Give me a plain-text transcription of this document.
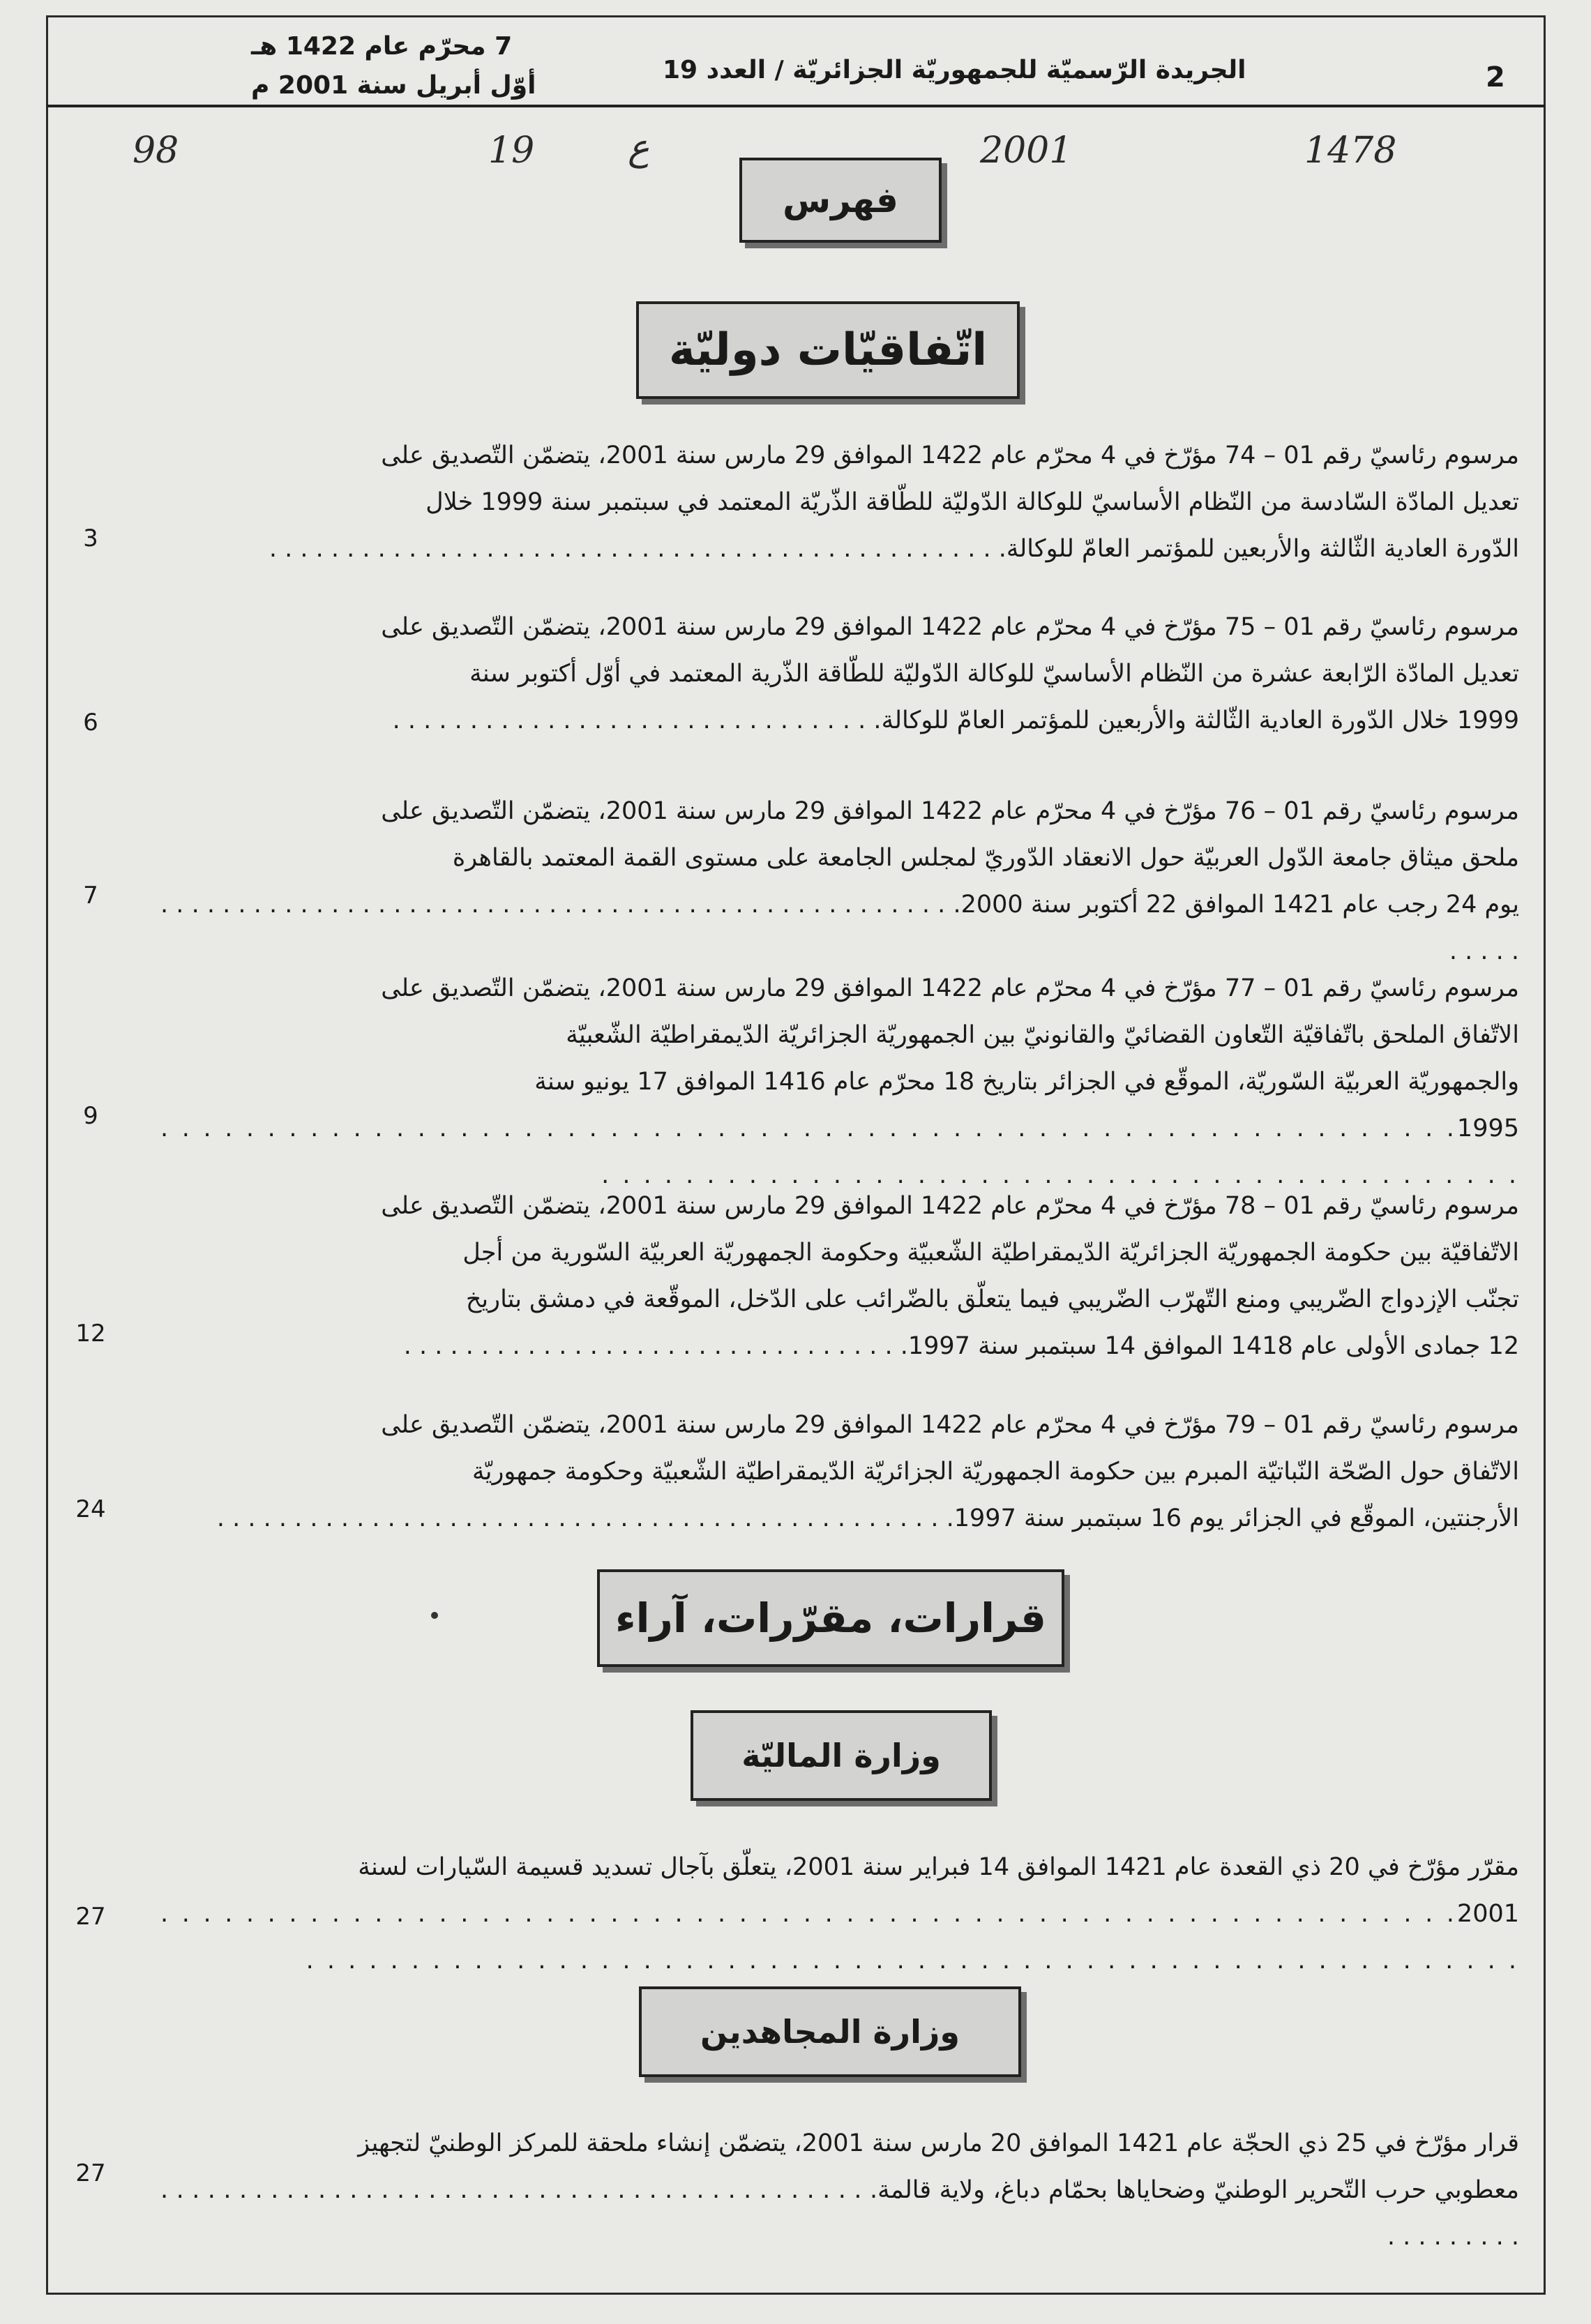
2
الجريدة الرّسميّة للجمهوريّة الجزائريّة / العدد 19
7 محرّم عام 1422 هـ
أوّل أبريل سنة 2001 م
1478
2001
ع
19
98
فهرس
اتّفاقيّات دوليّة
مرسوم رئاسيّ رقم 01 – 74 مؤرّخ في 4 محرّم عام 1422 الموافق 29 مارس سنة 2001، يتضمّن التّصديق على
تعديل المادّة السّادسة من النّظام الأساسيّ للوكالة الدّوليّة للطّاقة الذّريّة المعتمد في سبتمبر سنة 1999 خلال
الدّورة العادية الثّالثة والأربعين للمؤتمر العامّ للوكالة. . . . . . . . . . . . . . . . . . . . . . . . . . . . . . . . . . . . . . . . . . . . . . . .
3
مرسوم رئاسيّ رقم 01 – 75 مؤرّخ في 4 محرّم عام 1422 الموافق 29 مارس سنة 2001، يتضمّن التّصديق على
تعديل المادّة الرّابعة عشرة من النّظام الأساسيّ للوكالة الدّوليّة للطّاقة الذّرية المعتمد في أوّل أكتوبر سنة
1999 خلال الدّورة العادية الثّالثة والأربعين للمؤتمر العامّ للوكالة. . . . . . . . . . . . . . . . . . . . . . . . . . . . . . . .
6
مرسوم رئاسيّ رقم 01 – 76 مؤرّخ في 4 محرّم عام 1422 الموافق 29 مارس سنة 2001، يتضمّن التّصديق على
ملحق ميثاق جامعة الدّول العربيّة حول الانعقاد الدّوريّ لمجلس الجامعة على مستوى القمة المعتمد بالقاهرة
يوم 24 رجب عام 1421 الموافق 22 أكتوبر سنة 2000. . . . . . . . . . . . . . . . . . . . . . . . . . . . . . . . . . . . . . . . . . . . . . . . . . . . . . . . .
7
مرسوم رئاسيّ رقم 01 – 77 مؤرّخ في 4 محرّم عام 1422 الموافق 29 مارس سنة 2001، يتضمّن التّصديق على
الاتّفاق الملحق باتّفاقيّة التّعاون القضائيّ والقانونيّ بين الجمهوريّة الجزائريّة الدّيمقراطيّة الشّعبيّة
والجمهوريّة العربيّة السّوريّة، الموقّع في الجزائر بتاريخ 18 محرّم عام 1416 الموافق 17 يونيو سنة
1995. . . . . . . . . . . . . . . . . . . . . . . . . . . . . . . . . . . . . . . . . . . . . . . . . . . . . . . . . . . . . . . . . . . . . . . . . . . . . . . . . . . . . . . . . . . . . . . . . . . . . . . . .
9
مرسوم رئاسيّ رقم 01 – 78 مؤرّخ في 4 محرّم عام 1422 الموافق 29 مارس سنة 2001، يتضمّن التّصديق على
الاتّفاقيّة بين حكومة الجمهوريّة الجزائريّة الدّيمقراطيّة الشّعبيّة وحكومة الجمهوريّة العربيّة السّورية من أجل
تجنّب الإزدواج الضّريبي ومنع التّهرّب الضّريبي فيما يتعلّق بالضّرائب على الدّخل، الموقّعة في دمشق بتاريخ
12 جمادى الأولى عام 1418 الموافق 14 سبتمبر سنة 1997. . . . . . . . . . . . . . . . . . . . . . . . . . . . . . . . .
12
مرسوم رئاسيّ رقم 01 – 79 مؤرّخ في 4 محرّم عام 1422 الموافق 29 مارس سنة 2001، يتضمّن التّصديق على
الاتّفاق حول الصّحّة النّباتيّة المبرم بين حكومة الجمهوريّة الجزائريّة الدّيمقراطيّة الشّعبيّة وحكومة جمهوريّة
الأرجنتين، الموقّع في الجزائر يوم 16 سبتمبر سنة 1997. . . . . . . . . . . . . . . . . . . . . . . . . . . . . . . . . . . . . . . . . . . . . . . .
24
قرارات، مقرّرات، آراء
وزارة الماليّة
مقرّر مؤرّخ في 20 ذي القعدة عام 1421 الموافق 14 فبراير سنة 2001، يتعلّق بآجال تسديد قسيمة السّيارات لسنة
2001. . . . . . . . . . . . . . . . . . . . . . . . . . . . . . . . . . . . . . . . . . . . . . . . . . . . . . . . . . . . . . . . . . . . . . . . . . . . . . . . . . . . . . . . . . . . . . . . . . . . . . . . . . . . . . . . . . . . . . .
27
وزارة المجاهدين
قرار مؤرّخ في 25 ذي الحجّة عام 1421 الموافق 20 مارس سنة 2001، يتضمّن إنشاء ملحقة للمركز الوطنيّ لتجهيز
معطوبي حرب التّحرير الوطنيّ وضحاياها بحمّام دباغ، ولاية قالمة. . . . . . . . . . . . . . . . . . . . . . . . . . . . . . . . . . . . . . . . . . . . . . . . . . . . . . .
27
